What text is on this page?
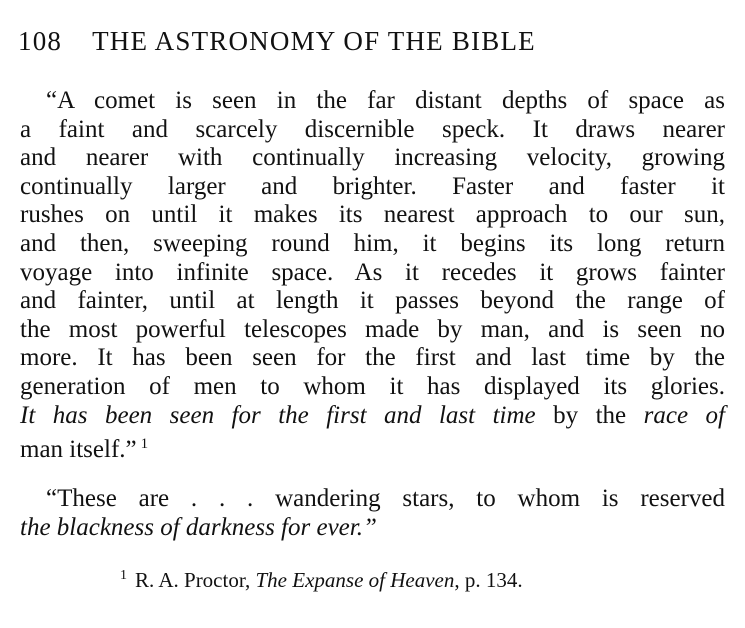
108 THE ASTRONOMY OF THE BIBLE
“A comet is seen in the far distant depths of space as
a faint and scarcely discernible speck. It draws nearer
and nearer with continually increasing velocity, growing
continually larger and brighter. Faster and faster it
rushes on until it makes its nearest approach to our sun,
and then, sweeping round him, it begins its long return
voyage into infinite space. As it recedes it grows fainter
and fainter, until at length it passes beyond the range of
the most powerful telescopes made by man, and is seen no
more. It has been seen for the first and last time by the
generation of men to whom it has displayed its glories.
It has been seen for the first and last time by the race of
man itself.” $^1$
“These are . . . wandering stars, to whom is reserved
the blackness of darkness for ever.”
$^1$ R. A. Proctor, The Expanse of Heaven, p. 134.
